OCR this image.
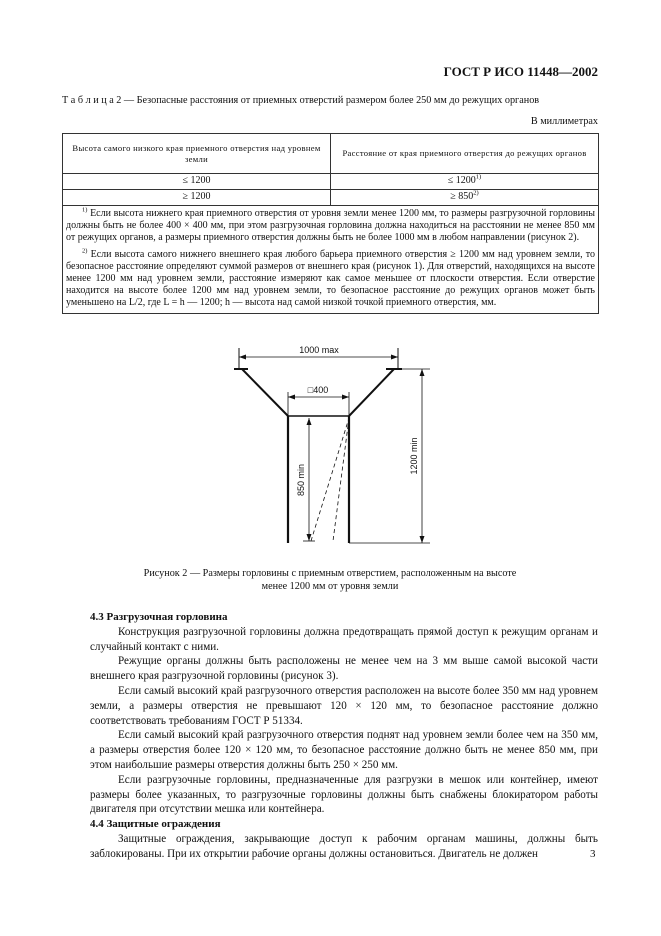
ГОСТ Р ИСО 11448—2002
Т а б л и ц а 2 — Безопасные расстояния от приемных отверстий размером более 250 мм до режущих органов
В миллиметрах
Высота самого низкого края приемного отверстия над уровнем земли	Расстояние от края приемного отверстия до режущих органов
≤ 1200	≤ $1200^{1)}$
≥ 1200	≥ $850^{2)}$

$^{1)}$ Если высота нижнего края приемного отверстия от уровня земли менее 1200 мм, то размеры разгрузочной горловины должны быть не более 400 × 400 мм, при этом разгрузочная горловина должна находиться на расстоянии не менее 850 мм от режущих органов, а размеры приемного отверстия должны быть не более 1000 мм в любом направлении (рисунок 2).

$^{2)}$ Если высота самого нижнего внешнего края любого барьера приемного отверстия ≥ 1200 мм над уровнем земли, то безопасное расстояние определяют суммой размеров от внешнего края (рисунок 1). Для отверстий, находящихся на высоте менее 1200 мм над уровнем земли, расстояние измеряют как самое меньшее от плоскости отверстия. Если отверстие находится на высоте более 1200 мм над уровнем земли, то безопасное расстояние до режущих органов может быть уменьшено на L/2, где L = h — 1200; h — высота над самой низкой точкой приемного отверстия, мм.	

1000 max
□400
850 min
1200 min
Рисунок 2 — Размеры горловины с приемным отверстием, расположенным на высоте
менее 1200 мм от уровня земли
4.3 Разгрузочная горловина

Конструкция разгрузочной горловины должна предотвращать прямой доступ к режущим органам и случайный контакт с ними.

Режущие органы должны быть расположены не менее чем на 3 мм выше самой высокой части внешнего края разгрузочной горловины (рисунок 3).

Если самый высокий край разгрузочного отверстия расположен на высоте более 350 мм над уровнем земли, а размеры отверстия не превышают 120 × 120 мм, то безопасное расстояние должно соответствовать требованиям ГОСТ Р 51334.

Если самый высокий край разгрузочного отверстия поднят над уровнем земли более чем на 350 мм, а размеры отверстия более 120 × 120 мм, то безопасное расстояние должно быть не менее 850 мм, при этом наибольшие размеры отверстия должны быть 250 × 250 мм.

Если разгрузочные горловины, предназначенные для разгрузки в мешок или контейнер, имеют размеры более указанных, то разгрузочные горловины должны быть снабжены блокиратором работы двигателя при отсутствии мешка или контейнера.

4.4 Защитные ограждения

Защитные ограждения, закрывающие доступ к рабочим органам машины, должны быть заблокированы. При их открытии рабочие органы должны остановиться. Двигатель не должен	3
